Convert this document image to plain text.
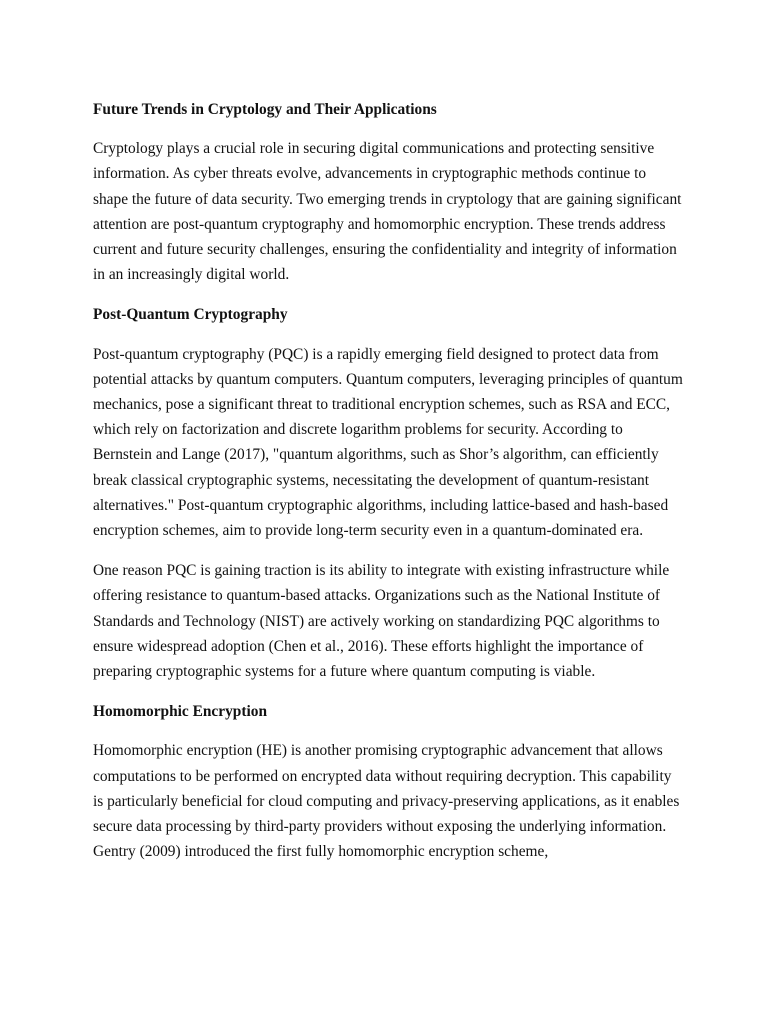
Future Trends in Cryptology and Their Applications

Cryptology plays a crucial role in securing digital communications and protecting sensitive information. As cyber threats evolve, advancements in cryptographic methods continue to shape the future of data security. Two emerging trends in cryptology that are gaining significant attention are post-quantum cryptography and homomorphic encryption. These trends address current and future security challenges, ensuring the confidentiality and integrity of information in an increasingly digital world.

Post-Quantum Cryptography

Post-quantum cryptography (PQC) is a rapidly emerging field designed to protect data from potential attacks by quantum computers. Quantum computers, leveraging principles of quantum mechanics, pose a significant threat to traditional encryption schemes, such as RSA and ECC, which rely on factorization and discrete logarithm problems for security. According to Bernstein and Lange (2017), "quantum algorithms, such as Shor’s algorithm, can efficiently break classical cryptographic systems, necessitating the development of quantum-resistant alternatives." Post-quantum cryptographic algorithms, including lattice-based and hash-based encryption schemes, aim to provide long-term security even in a quantum-dominated era.

One reason PQC is gaining traction is its ability to integrate with existing infrastructure while offering resistance to quantum-based attacks. Organizations such as the National Institute of Standards and Technology (NIST) are actively working on standardizing PQC algorithms to ensure widespread adoption (Chen et al., 2016). These efforts highlight the importance of preparing cryptographic systems for a future where quantum computing is viable.

Homomorphic Encryption

Homomorphic encryption (HE) is another promising cryptographic advancement that allows computations to be performed on encrypted data without requiring decryption. This capability is particularly beneficial for cloud computing and privacy-preserving applications, as it enables secure data processing by third-party providers without exposing the underlying information. Gentry (2009) introduced the first fully homomorphic encryption scheme,
